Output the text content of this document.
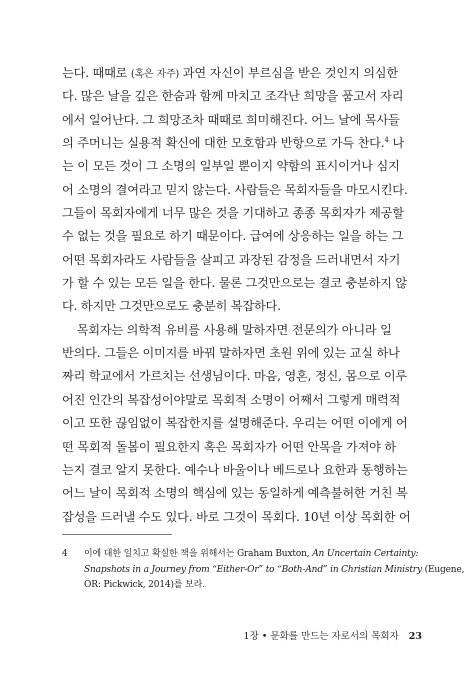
는다. 때때로 (혹은 자주) 과연 자신이 부르심을 받은 것인지 의심한
다. 많은 날을 깊은 한숨과 함께 마치고 조각난 희망을 품고서 자리
에서 일어난다. 그 희망조차 때때로 희미해진다. 어느 날에 목사들
의 주머니는 실용적 확신에 대한 모호함과 반항으로 가득 찬다.$^4$ 나
는 이 모든 것이 그 소명의 일부일 뿐이지 약함의 표시이거나 심지
어 소명의 결여라고 믿지 않는다. 사람들은 목회자들을 마모시킨다.
그들이 목회자에게 너무 많은 것을 기대하고 종종 목회자가 제공할
수 없는 것을 필요로 하기 때문이다. 급여에 상응하는 일을 하는 그
어떤 목회자라도 사람들을 살피고 과장된 감정을 드러내면서 자기
가 할 수 있는 모든 일을 한다. 물론 그것만으로는 결코 충분하지 않
다. 하지만 그것만으로도 충분히 복잡하다.

목회자는 의학적 유비를 사용해 말하자면 전문의가 아니라 일
반의다. 그들은 이미지를 바꿔 말하자면 초원 위에 있는 교실 하나
짜리 학교에서 가르치는 선생님이다. 마음, 영혼, 정신, 몸으로 이루
어진 인간의 복잡성이야말로 목회적 소명이 어째서 그렇게 매력적
이고 또한 끊임없이 복잡한지를 설명해준다. 우리는 어떤 이에게 어
떤 목회적 돌봄이 필요한지 혹은 목회자가 어떤 안목을 가져야 하
는지 결코 알지 못한다. 예수나 바울이나 베드로나 요한과 동행하는
어느 날이 목회적 소명의 핵심에 있는 동일하게 예측불허한 거친 복
잡성을 드러낼 수도 있다. 바로 그것이 목회다. 10년 이상 목회한 어

4 이에 대한 일치고 확실한 책을 위해서는 Graham Buxton, An Uncertain Certainty:
Snapshots in a Journey from “Either-Or” to “Both-And” in Christian Ministry (Eugene,
OR: Pickwick, 2014)를 보라.
1장 • 문화를 만드는 자로서의 목회자 23
